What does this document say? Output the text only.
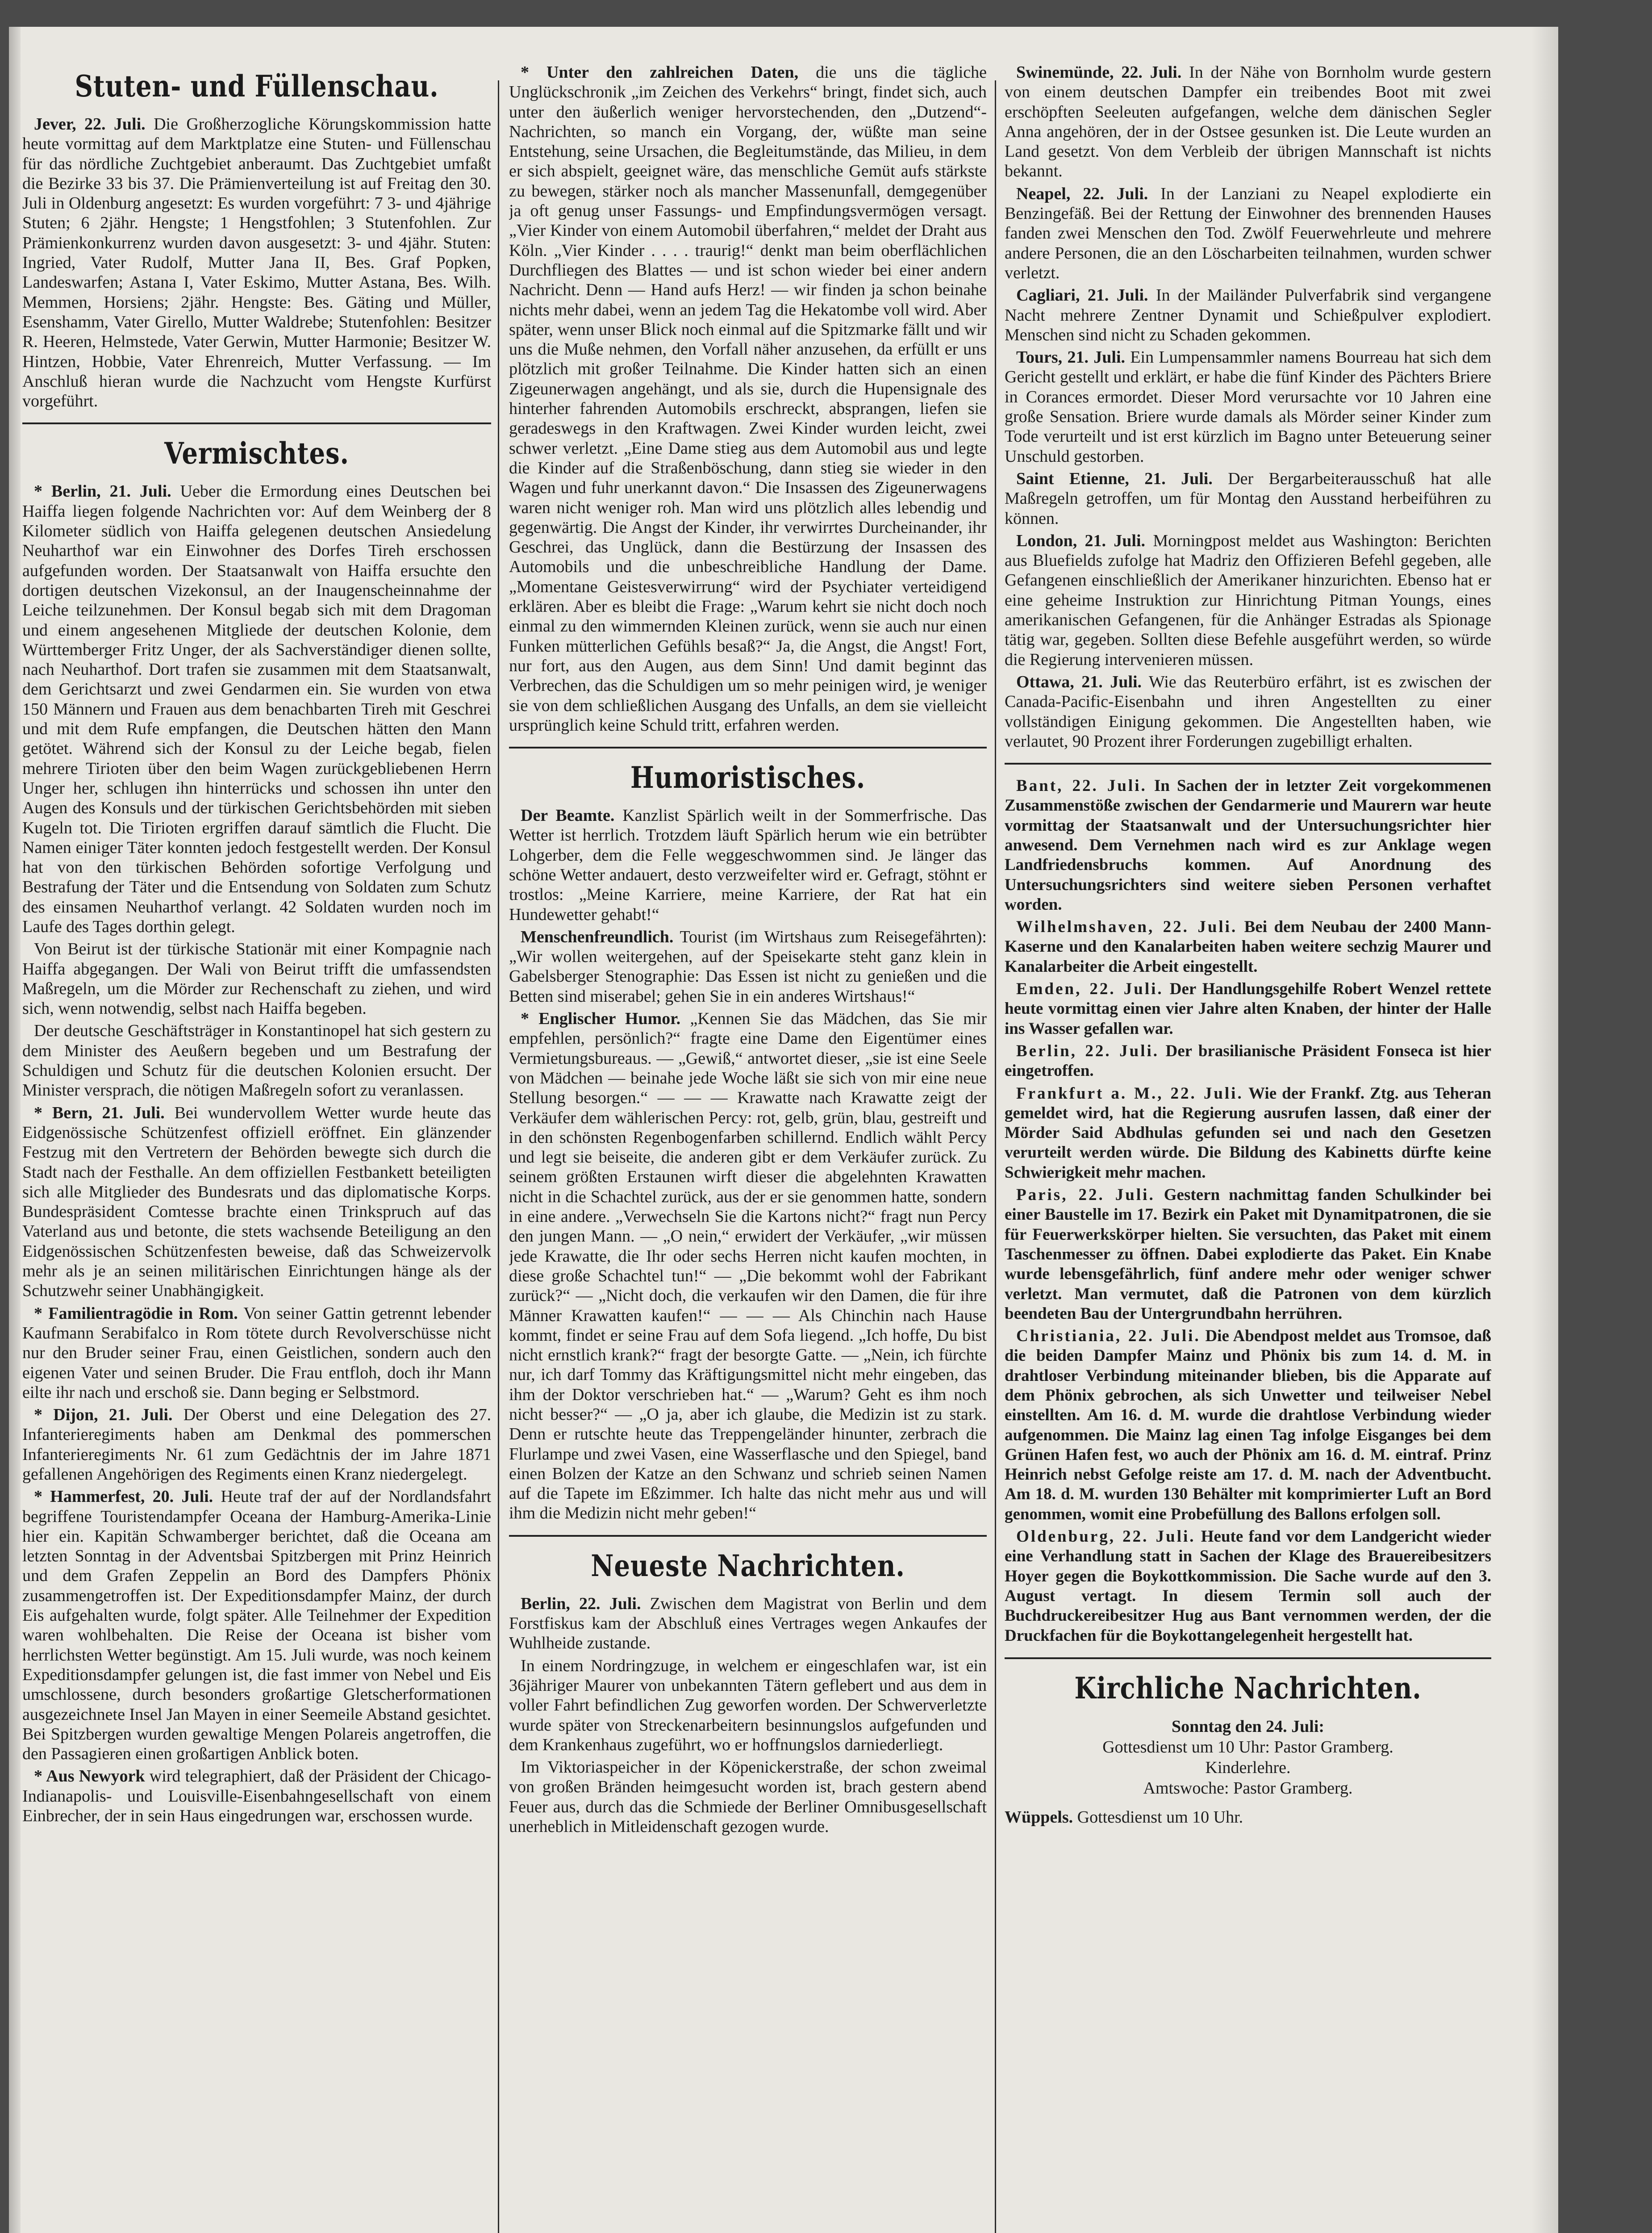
Stuten- und Füllenschau.

Jever, 22. Juli. Die Großherzogliche Körungskommission hatte heute vormittag auf dem Marktplatze eine Stuten- und Füllenschau für das nördliche Zuchtgebiet anberaumt. Das Zuchtgebiet umfaßt die Bezirke 33 bis 37. Die Prämienverteilung ist auf Freitag den 30. Juli in Oldenburg angesetzt: Es wurden vorgeführt: 7 3- und 4jährige Stuten; 6 2jähr. Hengste; 1 Hengstfohlen; 3 Stutenfohlen. Zur Prämienkonkurrenz wurden davon ausgesetzt: 3- und 4jähr. Stuten: Ingried, Vater Rudolf, Mutter Jana II, Bes. Graf Popken, Landeswarfen; Astana I, Vater Eskimo, Mutter Astana, Bes. Wilh. Memmen, Horsiens; 2jähr. Hengste: Bes. Gäting und Müller, Esenshamm, Vater Girello, Mutter Waldrebe; Stutenfohlen: Besitzer R. Heeren, Helmstede, Vater Gerwin, Mutter Harmonie; Besitzer W. Hintzen, Hobbie, Vater Ehrenreich, Mutter Verfassung. — Im Anschluß hieran wurde die Nachzucht vom Hengste Kurfürst vorgeführt.

Vermischtes.

* Berlin, 21. Juli. Ueber die Ermordung eines Deutschen bei Haiffa liegen folgende Nachrichten vor: Auf dem Weinberg der 8 Kilometer südlich von Haiffa gelegenen deutschen Ansiedelung Neuharthof war ein Einwohner des Dorfes Tireh erschossen aufgefunden worden. Der Staatsanwalt von Haiffa ersuchte den dortigen deutschen Vizekonsul, an der Inaugenscheinnahme der Leiche teilzunehmen. Der Konsul begab sich mit dem Dragoman und einem angesehenen Mitgliede der deutschen Kolonie, dem Württemberger Fritz Unger, der als Sachverständiger dienen sollte, nach Neuharthof. Dort trafen sie zusammen mit dem Staatsanwalt, dem Gerichtsarzt und zwei Gendarmen ein. Sie wurden von etwa 150 Männern und Frauen aus dem benachbarten Tireh mit Geschrei und mit dem Rufe empfangen, die Deutschen hätten den Mann getötet. Während sich der Konsul zu der Leiche begab, fielen mehrere Tirioten über den beim Wagen zurückgebliebenen Herrn Unger her, schlugen ihn hinterrücks und schossen ihn unter den Augen des Konsuls und der türkischen Gerichtsbehörden mit sieben Kugeln tot. Die Tirioten ergriffen darauf sämtlich die Flucht. Die Namen einiger Täter konnten jedoch festgestellt werden. Der Konsul hat von den türkischen Behörden sofortige Verfolgung und Bestrafung der Täter und die Entsendung von Soldaten zum Schutz des einsamen Neuharthof verlangt. 42 Soldaten wurden noch im Laufe des Tages dorthin gelegt.

Von Beirut ist der türkische Stationär mit einer Kompagnie nach Haiffa abgegangen. Der Wali von Beirut trifft die umfassendsten Maßregeln, um die Mörder zur Rechenschaft zu ziehen, und wird sich, wenn notwendig, selbst nach Haiffa begeben.

Der deutsche Geschäftsträger in Konstantinopel hat sich gestern zu dem Minister des Aeußern begeben und um Bestrafung der Schuldigen und Schutz für die deutschen Kolonien ersucht. Der Minister versprach, die nötigen Maßregeln sofort zu veranlassen.

* Bern, 21. Juli. Bei wundervollem Wetter wurde heute das Eidgenössische Schützenfest offiziell eröffnet. Ein glänzender Festzug mit den Vertretern der Behörden bewegte sich durch die Stadt nach der Festhalle. An dem offiziellen Festbankett beteiligten sich alle Mitglieder des Bundesrats und das diplomatische Korps. Bundespräsident Comtesse brachte einen Trinkspruch auf das Vaterland aus und betonte, die stets wachsende Beteiligung an den Eidgenössischen Schützenfesten beweise, daß das Schweizervolk mehr als je an seinen militärischen Einrichtungen hänge als der Schutzwehr seiner Unabhängigkeit.

* Familientragödie in Rom. Von seiner Gattin getrennt lebender Kaufmann Serabifalco in Rom tötete durch Revolverschüsse nicht nur den Bruder seiner Frau, einen Geistlichen, sondern auch den eigenen Vater und seinen Bruder. Die Frau entfloh, doch ihr Mann eilte ihr nach und erschoß sie. Dann beging er Selbstmord.

* Dijon, 21. Juli. Der Oberst und eine Delegation des 27. Infanterieregiments haben am Denkmal des pommerschen Infanterieregiments Nr. 61 zum Gedächtnis der im Jahre 1871 gefallenen Angehörigen des Regiments einen Kranz niedergelegt.

* Hammerfest, 20. Juli. Heute traf der auf der Nordlandsfahrt begriffene Touristendampfer Oceana der Hamburg-Amerika-Linie hier ein. Kapitän Schwamberger berichtet, daß die Oceana am letzten Sonntag in der Adventsbai Spitzbergen mit Prinz Heinrich und dem Grafen Zeppelin an Bord des Dampfers Phönix zusammengetroffen ist. Der Expeditionsdampfer Mainz, der durch Eis aufgehalten wurde, folgt später. Alle Teilnehmer der Expedition waren wohlbehalten. Die Reise der Oceana ist bisher vom herrlichsten Wetter begünstigt. Am 15. Juli wurde, was noch keinem Expeditionsdampfer gelungen ist, die fast immer von Nebel und Eis umschlossene, durch besonders großartige Gletscherformationen ausgezeichnete Insel Jan Mayen in einer Seemeile Abstand gesichtet. Bei Spitzbergen wurden gewaltige Mengen Polareis angetroffen, die den Passagieren einen großartigen Anblick boten.

* Aus Newyork wird telegraphiert, daß der Präsident der Chicago-Indianapolis- und Louisville-Eisenbahngesellschaft von einem Einbrecher, der in sein Haus eingedrungen war, erschossen wurde.

* Unter den zahlreichen Daten, die uns die tägliche Unglückschronik „im Zeichen des Verkehrs“ bringt, findet sich, auch unter den äußerlich weniger hervorstechenden, den „Dutzend“-Nachrichten, so manch ein Vorgang, der, wüßte man seine Entstehung, seine Ursachen, die Begleitumstände, das Milieu, in dem er sich abspielt, geeignet wäre, das menschliche Gemüt aufs stärkste zu bewegen, stärker noch als mancher Massenunfall, demgegenüber ja oft genug unser Fassungs- und Empfindungsvermögen versagt. „Vier Kinder von einem Automobil überfahren,“ meldet der Draht aus Köln. „Vier Kinder . . . . traurig!“ denkt man beim oberflächlichen Durchfliegen des Blattes — und ist schon wieder bei einer andern Nachricht. Denn — Hand aufs Herz! — wir finden ja schon beinahe nichts mehr dabei, wenn an jedem Tag die Hekatombe voll wird. Aber später, wenn unser Blick noch einmal auf die Spitzmarke fällt und wir uns die Muße nehmen, den Vorfall näher anzusehen, da erfüllt er uns plötzlich mit großer Teilnahme. Die Kinder hatten sich an einen Zigeunerwagen angehängt, und als sie, durch die Hupensignale des hinterher fahrenden Automobils erschreckt, absprangen, liefen sie geradeswegs in den Kraftwagen. Zwei Kinder wurden leicht, zwei schwer verletzt. „Eine Dame stieg aus dem Automobil aus und legte die Kinder auf die Straßenböschung, dann stieg sie wieder in den Wagen und fuhr unerkannt davon.“ Die Insassen des Zigeunerwagens waren nicht weniger roh. Man wird uns plötzlich alles lebendig und gegenwärtig. Die Angst der Kinder, ihr verwirrtes Durcheinander, ihr Geschrei, das Unglück, dann die Bestürzung der Insassen des Automobils und die unbeschreibliche Handlung der Dame. „Momentane Geistesverwirrung“ wird der Psychiater verteidigend erklären. Aber es bleibt die Frage: „Warum kehrt sie nicht doch noch einmal zu den wimmernden Kleinen zurück, wenn sie auch nur einen Funken mütterlichen Gefühls besaß?“ Ja, die Angst, die Angst! Fort, nur fort, aus den Augen, aus dem Sinn! Und damit beginnt das Verbrechen, das die Schuldigen um so mehr peinigen wird, je weniger sie von dem schließlichen Ausgang des Unfalls, an dem sie vielleicht ursprünglich keine Schuld tritt, erfahren werden.

Humoristisches.

Der Beamte. Kanzlist Spärlich weilt in der Sommerfrische. Das Wetter ist herrlich. Trotzdem läuft Spärlich herum wie ein betrübter Lohgerber, dem die Felle weggeschwommen sind. Je länger das schöne Wetter andauert, desto verzweifelter wird er. Gefragt, stöhnt er trostlos: „Meine Karriere, meine Karriere, der Rat hat ein Hundewetter gehabt!“

Menschenfreundlich. Tourist (im Wirtshaus zum Reisegefährten): „Wir wollen weitergehen, auf der Speisekarte steht ganz klein in Gabelsberger Stenographie: Das Essen ist nicht zu genießen und die Betten sind miserabel; gehen Sie in ein anderes Wirtshaus!“

* Englischer Humor. „Kennen Sie das Mädchen, das Sie mir empfehlen, persönlich?“ fragte eine Dame den Eigentümer eines Vermietungsbureaus. — „Gewiß,“ antwortet dieser, „sie ist eine Seele von Mädchen — beinahe jede Woche läßt sie sich von mir eine neue Stellung besorgen.“ — — — Krawatte nach Krawatte zeigt der Verkäufer dem wählerischen Percy: rot, gelb, grün, blau, gestreift und in den schönsten Regenbogenfarben schillernd. Endlich wählt Percy und legt sie beiseite, die anderen gibt er dem Verkäufer zurück. Zu seinem größten Erstaunen wirft dieser die abgelehnten Krawatten nicht in die Schachtel zurück, aus der er sie genommen hatte, sondern in eine andere. „Verwechseln Sie die Kartons nicht?“ fragt nun Percy den jungen Mann. — „O nein,“ erwidert der Verkäufer, „wir müssen jede Krawatte, die Ihr oder sechs Herren nicht kaufen mochten, in diese große Schachtel tun!“ — „Die bekommt wohl der Fabrikant zurück?“ — „Nicht doch, die verkaufen wir den Damen, die für ihre Männer Krawatten kaufen!“ — — — Als Chinchin nach Hause kommt, findet er seine Frau auf dem Sofa liegend. „Ich hoffe, Du bist nicht ernstlich krank?“ fragt der besorgte Gatte. — „Nein, ich fürchte nur, ich darf Tommy das Kräftigungsmittel nicht mehr eingeben, das ihm der Doktor verschrieben hat.“ — „Warum? Geht es ihm noch nicht besser?“ — „O ja, aber ich glaube, die Medizin ist zu stark. Denn er rutschte heute das Treppengeländer hinunter, zerbrach die Flurlampe und zwei Vasen, eine Wasserflasche und den Spiegel, band einen Bolzen der Katze an den Schwanz und schrieb seinen Namen auf die Tapete im Eßzimmer. Ich halte das nicht mehr aus und will ihm die Medizin nicht mehr geben!“

Neueste Nachrichten.

Berlin, 22. Juli. Zwischen dem Magistrat von Berlin und dem Forstfiskus kam der Abschluß eines Vertrages wegen Ankaufes der Wuhlheide zustande.

In einem Nordringzuge, in welchem er eingeschlafen war, ist ein 36jähriger Maurer von unbekannten Tätern geflebert und aus dem in voller Fahrt befindlichen Zug geworfen worden. Der Schwerverletzte wurde später von Streckenarbeitern besinnungslos aufgefunden und dem Krankenhaus zugeführt, wo er hoffnungslos darniederliegt.

Im Viktoriaspeicher in der Köpenickerstraße, der schon zweimal von großen Bränden heimgesucht worden ist, brach gestern abend Feuer aus, durch das die Schmiede der Berliner Omnibusgesellschaft unerheblich in Mitleidenschaft gezogen wurde.

Swinemünde, 22. Juli. In der Nähe von Bornholm wurde gestern von einem deutschen Dampfer ein treibendes Boot mit zwei erschöpften Seeleuten aufgefangen, welche dem dänischen Segler Anna angehören, der in der Ostsee gesunken ist. Die Leute wurden an Land gesetzt. Von dem Verbleib der übrigen Mannschaft ist nichts bekannt.

Neapel, 22. Juli. In der Lanziani zu Neapel explodierte ein Benzingefäß. Bei der Rettung der Einwohner des brennenden Hauses fanden zwei Menschen den Tod. Zwölf Feuerwehrleute und mehrere andere Personen, die an den Löscharbeiten teilnahmen, wurden schwer verletzt.

Cagliari, 21. Juli. In der Mailänder Pulverfabrik sind vergangene Nacht mehrere Zentner Dynamit und Schießpulver explodiert. Menschen sind nicht zu Schaden gekommen.

Tours, 21. Juli. Ein Lumpensammler namens Bourreau hat sich dem Gericht gestellt und erklärt, er habe die fünf Kinder des Pächters Briere in Corances ermordet. Dieser Mord verursachte vor 10 Jahren eine große Sensation. Briere wurde damals als Mörder seiner Kinder zum Tode verurteilt und ist erst kürzlich im Bagno unter Beteuerung seiner Unschuld gestorben.

Saint Etienne, 21. Juli. Der Bergarbeiterausschuß hat alle Maßregeln getroffen, um für Montag den Ausstand herbeiführen zu können.

London, 21. Juli. Morningpost meldet aus Washington: Berichten aus Bluefields zufolge hat Madriz den Offizieren Befehl gegeben, alle Gefangenen einschließlich der Amerikaner hinzurichten. Ebenso hat er eine geheime Instruktion zur Hinrichtung Pitman Youngs, eines amerikanischen Gefangenen, für die Anhänger Estradas als Spionage tätig war, gegeben. Sollten diese Befehle ausgeführt werden, so würde die Regierung intervenieren müssen.

Ottawa, 21. Juli. Wie das Reuterbüro erfährt, ist es zwischen der Canada-Pacific-Eisenbahn und ihren Angestellten zu einer vollständigen Einigung gekommen. Die Angestellten haben, wie verlautet, 90 Prozent ihrer Forderungen zugebilligt erhalten.

Bant, 22. Juli. In Sachen der in letzter Zeit vorgekommenen Zusammenstöße zwischen der Gendarmerie und Maurern war heute vormittag der Staatsanwalt und der Untersuchungsrichter hier anwesend. Dem Vernehmen nach wird es zur Anklage wegen Landfriedensbruchs kommen. Auf Anordnung des Untersuchungsrichters sind weitere sieben Personen verhaftet worden.

Wilhelmshaven, 22. Juli. Bei dem Neubau der 2400 Mann-Kaserne und den Kanalarbeiten haben weitere sechzig Maurer und Kanalarbeiter die Arbeit eingestellt.

Emden, 22. Juli. Der Handlungsgehilfe Robert Wenzel rettete heute vormittag einen vier Jahre alten Knaben, der hinter der Halle ins Wasser gefallen war.

Berlin, 22. Juli. Der brasilianische Präsident Fonseca ist hier eingetroffen.

Frankfurt a. M., 22. Juli. Wie der Frankf. Ztg. aus Teheran gemeldet wird, hat die Regierung ausrufen lassen, daß einer der Mörder Said Abdhulas gefunden sei und nach den Gesetzen verurteilt werden würde. Die Bildung des Kabinetts dürfte keine Schwierigkeit mehr machen.

Paris, 22. Juli. Gestern nachmittag fanden Schulkinder bei einer Baustelle im 17. Bezirk ein Paket mit Dynamitpatronen, die sie für Feuerwerkskörper hielten. Sie versuchten, das Paket mit einem Taschenmesser zu öffnen. Dabei explodierte das Paket. Ein Knabe wurde lebensgefährlich, fünf andere mehr oder weniger schwer verletzt. Man vermutet, daß die Patronen von dem kürzlich beendeten Bau der Untergrundbahn herrühren.

Christiania, 22. Juli. Die Abendpost meldet aus Tromsoe, daß die beiden Dampfer Mainz und Phönix bis zum 14. d. M. in drahtloser Verbindung miteinander blieben, bis die Apparate auf dem Phönix gebrochen, als sich Unwetter und teilweiser Nebel einstellten. Am 16. d. M. wurde die drahtlose Verbindung wieder aufgenommen. Die Mainz lag einen Tag infolge Eisganges bei dem Grünen Hafen fest, wo auch der Phönix am 16. d. M. eintraf. Prinz Heinrich nebst Gefolge reiste am 17. d. M. nach der Adventbucht. Am 18. d. M. wurden 130 Behälter mit komprimierter Luft an Bord genommen, womit eine Probefüllung des Ballons erfolgen soll.

Oldenburg, 22. Juli. Heute fand vor dem Landgericht wieder eine Verhandlung statt in Sachen der Klage des Brauereibesitzers Hoyer gegen die Boykottkommission. Die Sache wurde auf den 3. August vertagt. In diesem Termin soll auch der Buchdruckereibesitzer Hug aus Bant vernommen werden, der die Druckfachen für die Boykottangelegenheit hergestellt hat.

Kirchliche Nachrichten.

Sonntag den 24. Juli:

Gottesdienst um 10 Uhr: Pastor Gramberg.

Kinderlehre.

Amtswoche: Pastor Gramberg.

Wüppels. Gottesdienst um 10 Uhr.
